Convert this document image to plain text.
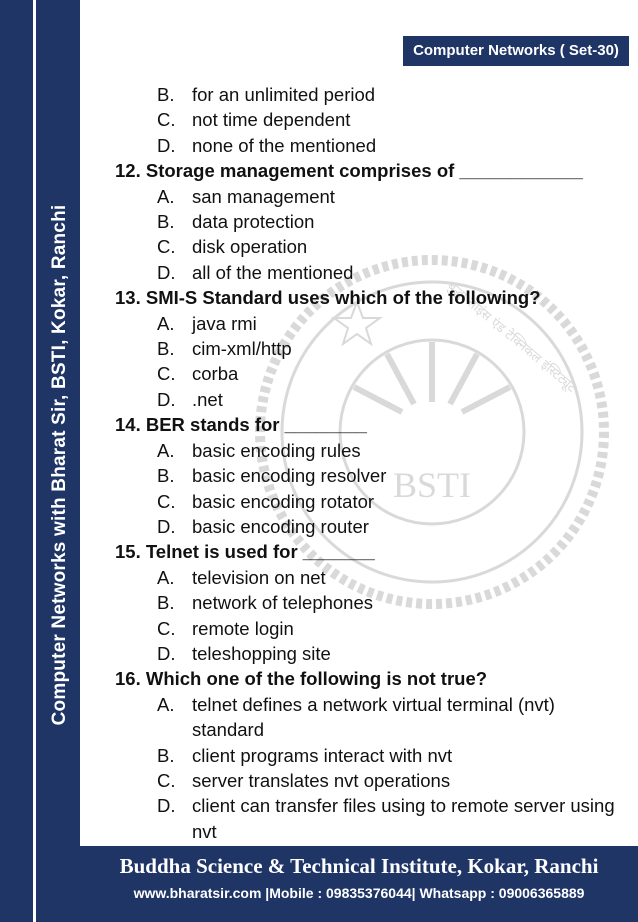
Computer Networks with Bharat Sir, BSTI, Kokar, Ranchi
Computer Networks ( Set-30)
BSTI
बुद्धा साइंस एंड टेक्निकल इंस्टिट्यूट
B. for an unlimited period
C. not time dependent
D. none of the mentioned
12. Storage management comprises of ____________
A. san management
B. data protection
C. disk operation
D. all of the mentioned
13. SMI-S Standard uses which of the following?
A. java rmi
B. cim-xml/http
C. corba
D. .net
14. BER stands for ________
A. basic encoding rules
B. basic encoding resolver
C. basic encoding rotator
D. basic encoding router
15. Telnet is used for _______
A. television on net
B. network of telephones
C. remote login
D. teleshopping site
16. Which one of the following is not true?
A. telnet defines a network virtual terminal (nvt) standard
B. client programs interact with nvt
C. server translates nvt operations
D. client can transfer files using to remote server using nvt
Buddha Science & Technical Institute, Kokar, Ranchi
www.bharatsir.com |Mobile : 09835376044| Whatsapp : 09006365889
